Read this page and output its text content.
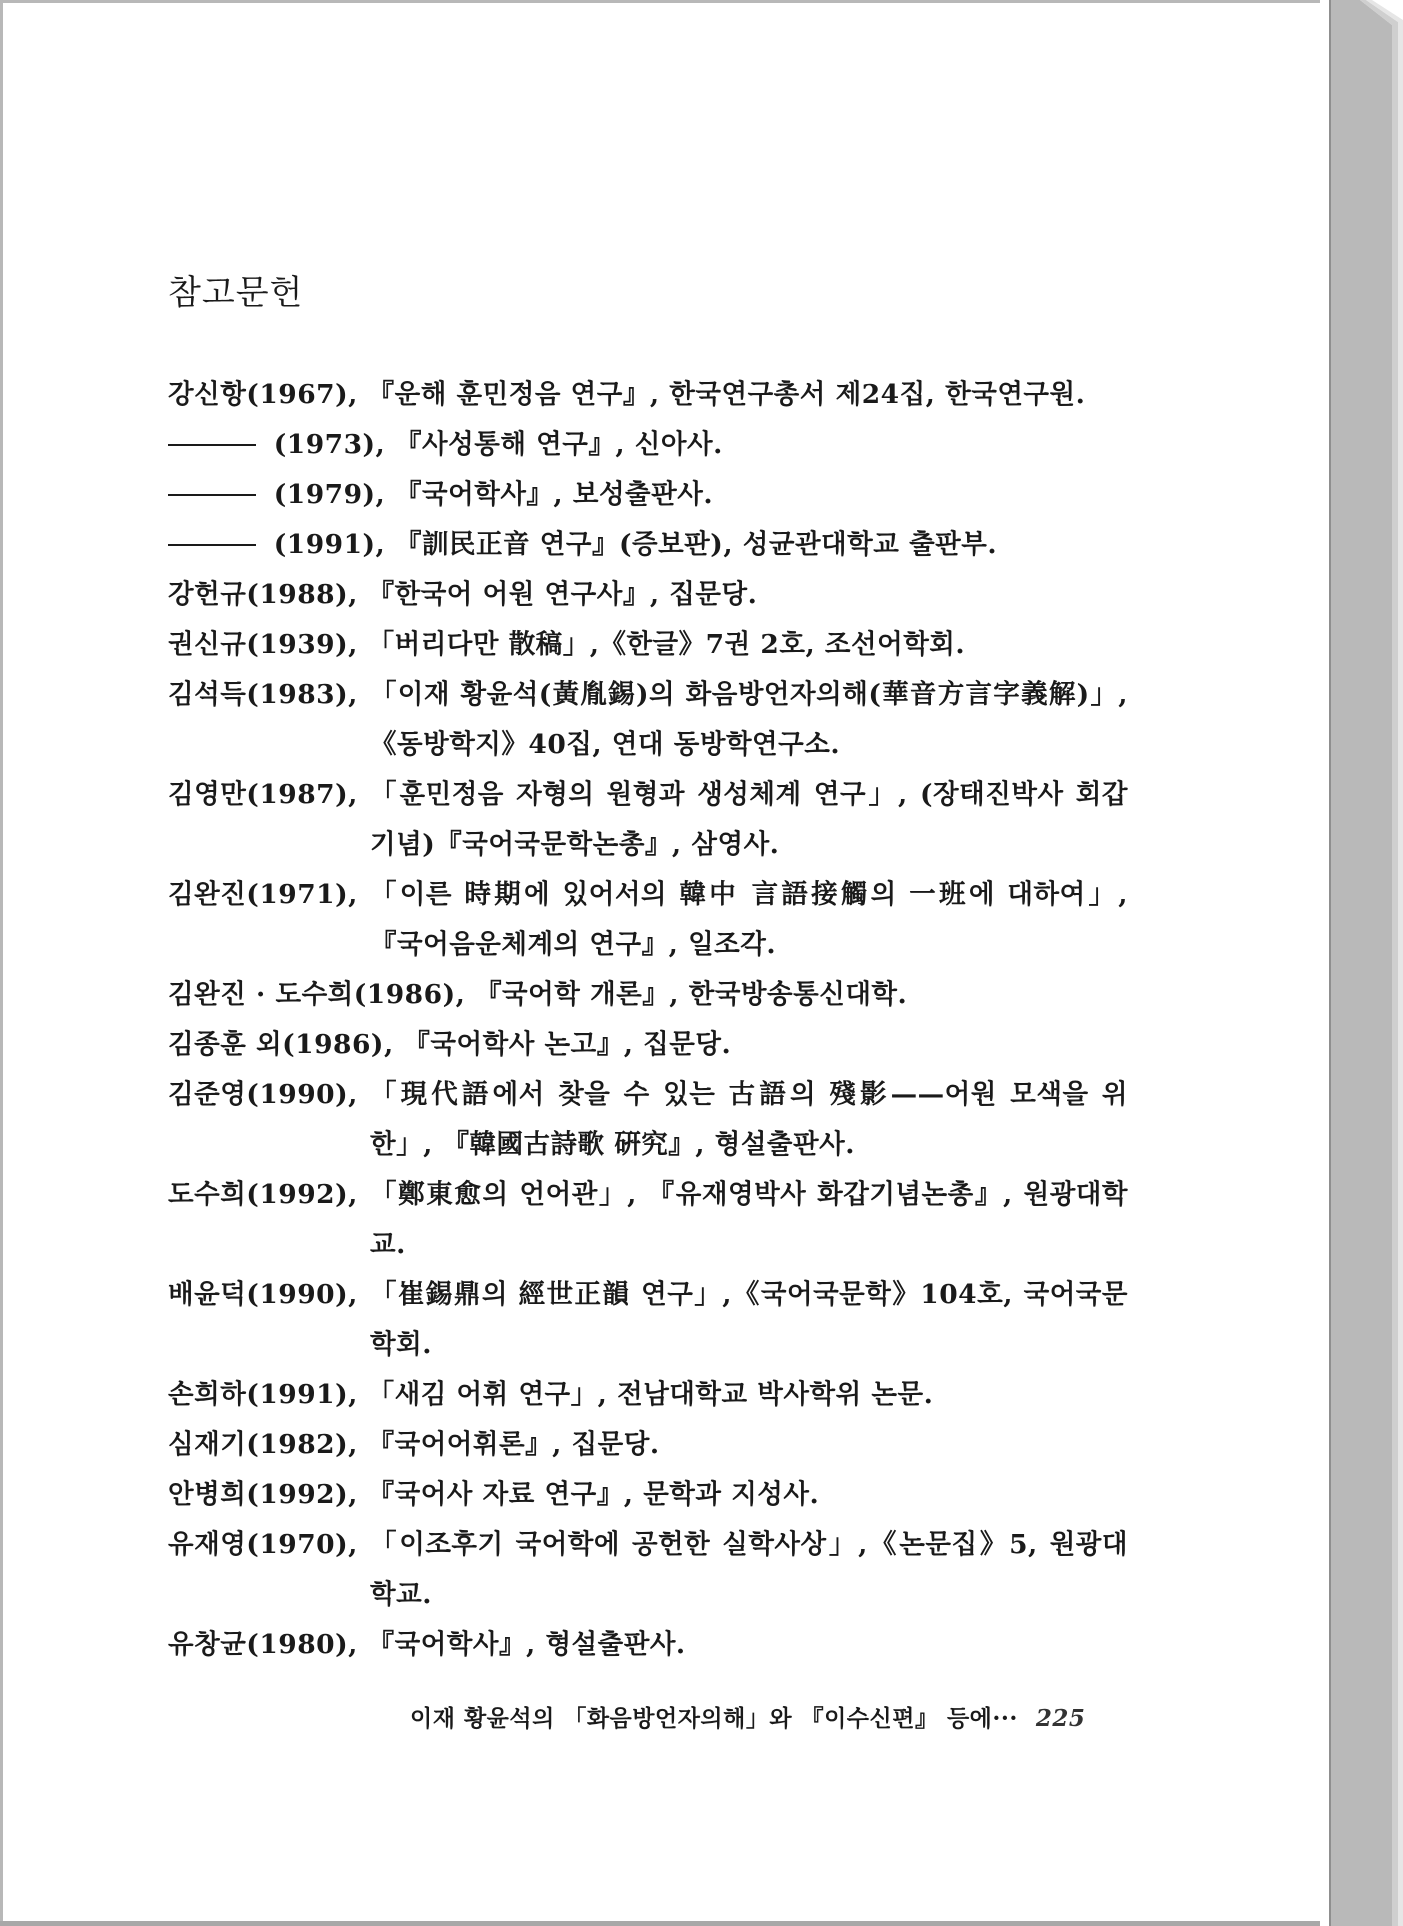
참고문헌
강신항(1967), 『운해 훈민정음 연구』, 한국연구총서 제24집, 한국연구원.
(1973), 『사성통해 연구』, 신아사.
(1979), 『국어학사』, 보성출판사.
(1991), 『訓民正音 연구』(증보판), 성균관대학교 출판부.
강헌규(1988), 『한국어 어원 연구사』, 집문당.
권신규(1939), 「버리다만 散稿」,《한글》7권 2호, 조선어학회.
김석득(1983), 「이재 황윤석(黃胤錫)의 화음방언자의해(華音方言字義解)」,《동방학지》40집, 연대 동방학연구소.
김영만(1987), 「훈민정음 자형의 원형과 생성체계 연구」, (장태진박사 회갑기념)『국어국문학논총』, 삼영사.
김완진(1971), 「이른 時期에 있어서의 韓中 言語接觸의 一班에 대하여」, 『국어음운체계의 연구』, 일조각.
김완진 · 도수희(1986), 『국어학 개론』, 한국방송통신대학.
김종훈 외(1986), 『국어학사 논고』, 집문당.
김준영(1990), 「現代語에서 찾을 수 있는 古語의 殘影——어원 모색을 위한」, 『韓國古詩歌 硏究』, 형설출판사.
도수희(1992), 「鄭東愈의 언어관」, 『유재영박사 화갑기념논총』, 원광대학교.
배윤덕(1990), 「崔錫鼎의 經世正韻 연구」,《국어국문학》104호, 국어국문학회.
손희하(1991), 「새김 어휘 연구」, 전남대학교 박사학위 논문.
심재기(1982), 『국어어휘론』, 집문당.
안병희(1992), 『국어사 자료 연구』, 문학과 지성사.
유재영(1970), 「이조후기 국어학에 공헌한 실학사상」,《논문집》5, 원광대학교.
유창균(1980), 『국어학사』, 형설출판사.
이재 황윤석의 「화음방언자의해」와 『이수신편』 등에··· 225
